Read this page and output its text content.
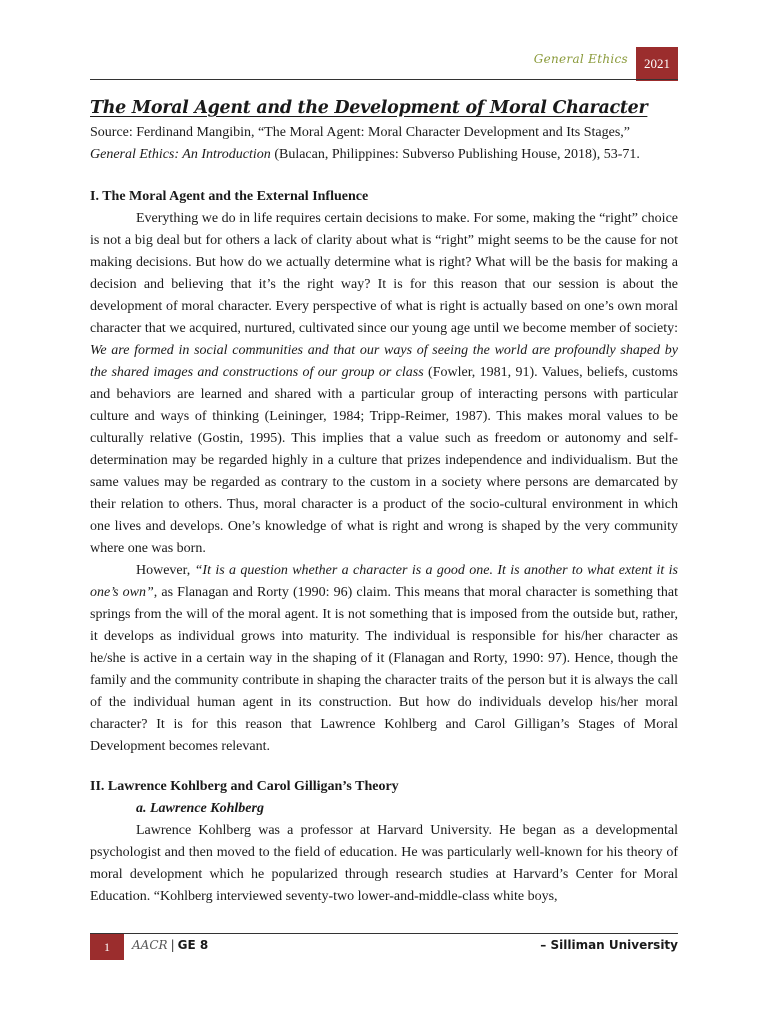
General Ethics	2021
The Moral Agent and the Development of Moral Character

Source: Ferdinand Mangibin, “The Moral Agent: Moral Character Development and Its Stages,” General Ethics: An Introduction (Bulacan, Philippines: Subverso Publishing House, 2018), 53-71.

I. The Moral Agent and the External Influence

Everything we do in life requires certain decisions to make. For some, making the “right” choice is not a big deal but for others a lack of clarity about what is “right” might seems to be the cause for not making decisions. But how do we actually determine what is right? What will be the basis for making a decision and believing that it’s the right way? It is for this reason that our session is about the development of moral character. Every perspective of what is right is actually based on one’s own moral character that we acquired, nurtured, cultivated since our young age until we become member of society: We are formed in social communities and that our ways of seeing the world are profoundly shaped by the shared images and constructions of our group or class (Fowler, 1981, 91). Values, beliefs, customs and behaviors are learned and shared with a particular group of interacting persons with particular culture and ways of thinking (Leininger, 1984; Tripp-Reimer, 1987). This makes moral values to be culturally relative (Gostin, 1995). This implies that a value such as freedom or autonomy and self-determination may be regarded highly in a culture that prizes independence and individualism. But the same values may be regarded as contrary to the custom in a society where persons are demarcated by their relation to others. Thus, moral character is a product of the socio-cultural environment in which one lives and develops. One’s knowledge of what is right and wrong is shaped by the very community where one was born.

However, “It is a question whether a character is a good one. It is another to what extent it is one’s own”, as Flanagan and Rorty (1990: 96) claim. This means that moral character is something that springs from the will of the moral agent. It is not something that is imposed from the outside but, rather, it develops as individual grows into maturity. The individual is responsible for his/her character as he/she is active in a certain way in the shaping of it (Flanagan and Rorty, 1990: 97). Hence, though the family and the community contribute in shaping the character traits of the person but it is always the call of the individual human agent in its construction. But how do individuals develop his/her moral character? It is for this reason that Lawrence Kohlberg and Carol Gilligan’s Stages of Moral Development becomes relevant.

II. Lawrence Kohlberg and Carol Gilligan’s Theory

a. Lawrence Kohlberg

Lawrence Kohlberg was a professor at Harvard University. He began as a developmental psychologist and then moved to the field of education. He was particularly well-known for his theory of moral development which he popularized through research studies at Harvard’s Center for Moral Education. “Kohlberg interviewed seventy-two lower-and-middle-class white boys,

1	AACR | GE 8	– Silliman University
